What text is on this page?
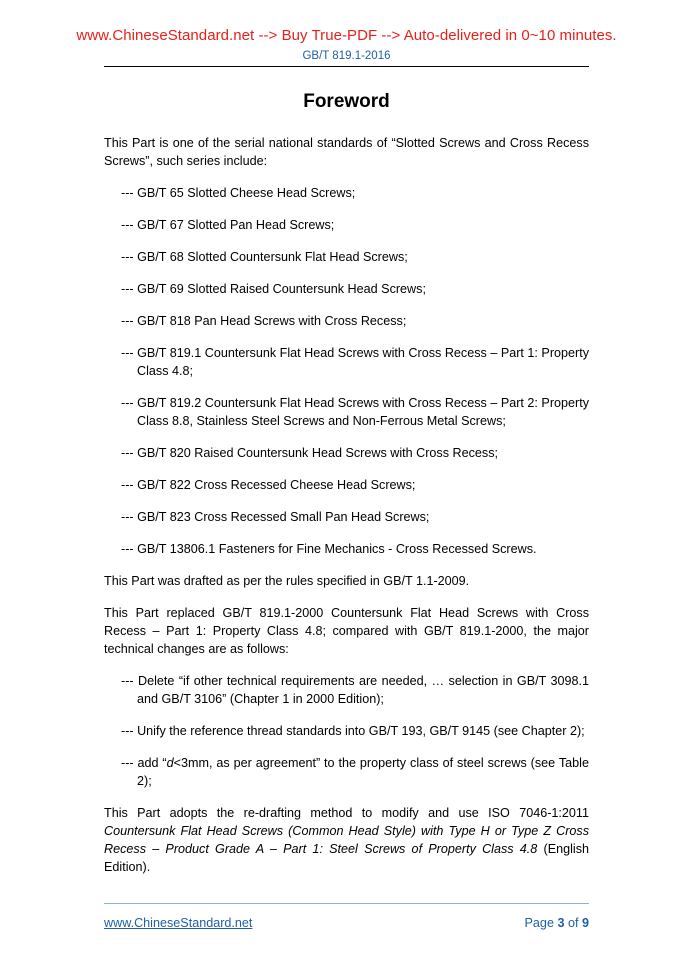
www.ChineseStandard.net --> Buy True-PDF --> Auto-delivered in 0~10 minutes.
GB/T 819.1-2016
Foreword

This Part is one of the serial national standards of “Slotted Screws and Cross Recess Screws”, such series include:

--- GB/T 65 Slotted Cheese Head Screws;
--- GB/T 67 Slotted Pan Head Screws;
--- GB/T 68 Slotted Countersunk Flat Head Screws;
--- GB/T 69 Slotted Raised Countersunk Head Screws;
--- GB/T 818 Pan Head Screws with Cross Recess;
--- GB/T 819.1 Countersunk Flat Head Screws with Cross Recess – Part 1: Property Class 4.8;
--- GB/T 819.2 Countersunk Flat Head Screws with Cross Recess – Part 2: Property Class 8.8, Stainless Steel Screws and Non-Ferrous Metal Screws;
--- GB/T 820 Raised Countersunk Head Screws with Cross Recess;
--- GB/T 822 Cross Recessed Cheese Head Screws;
--- GB/T 823 Cross Recessed Small Pan Head Screws;
--- GB/T 13806.1 Fasteners for Fine Mechanics - Cross Recessed Screws.

This Part was drafted as per the rules specified in GB/T 1.1-2009.

This Part replaced GB/T 819.1-2000 Countersunk Flat Head Screws with Cross Recess – Part 1: Property Class 4.8; compared with GB/T 819.1-2000, the major technical changes are as follows:

--- Delete “if other technical requirements are needed, … selection in GB/T 3098.1 and GB/T 3106” (Chapter 1 in 2000 Edition);
--- Unify the reference thread standards into GB/T 193, GB/T 9145 (see Chapter 2);
--- add “d<3mm, as per agreement” to the property class of steel screws (see Table 2);

This Part adopts the re-drafting method to modify and use ISO 7046-1:2011 Countersunk Flat Head Screws (Common Head Style) with Type H or Type Z Cross Recess – Product Grade A – Part 1: Steel Screws of Property Class 4.8 (English Edition).

www.ChineseStandard.net	Page 3 of 9
